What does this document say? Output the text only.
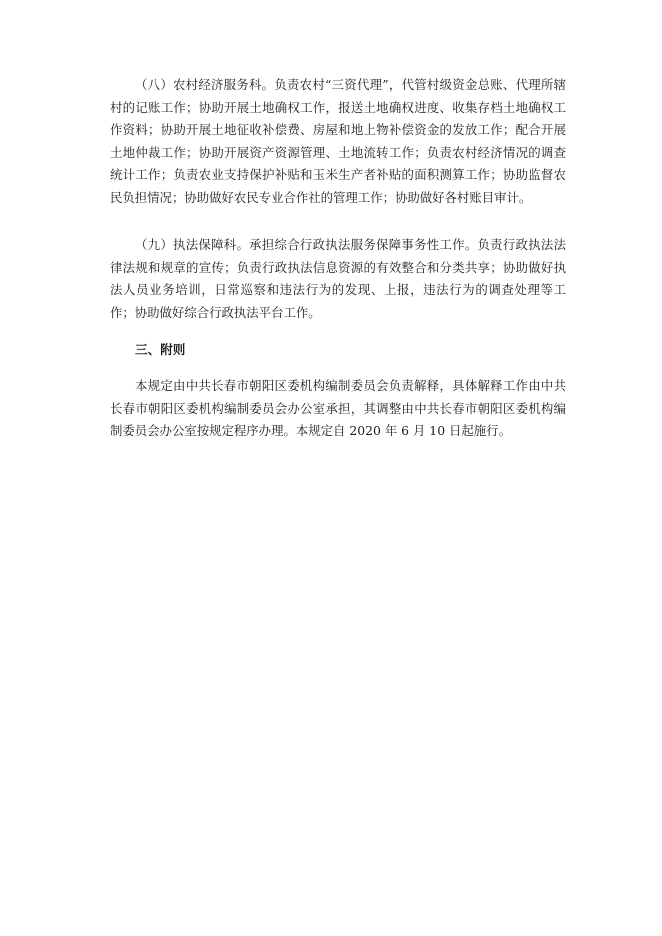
（八）农村经济服务科。负责农村“三资代理”，代管村级资金总账、代理所辖村的记账工作；协助开展土地确权工作，报送土地确权进度、收集存档土地确权工作资料；协助开展土地征收补偿费、房屋和地上物补偿资金的发放工作；配合开展土地仲裁工作；协助开展资产资源管理、土地流转工作；负责农村经济情况的调查统计工作；负责农业支持保护补贴和玉米生产者补贴的面积测算工作；协助监督农民负担情况；协助做好农民专业合作社的管理工作；协助做好各村账目审计。

（九）执法保障科。承担综合行政执法服务保障事务性工作。负责行政执法法律法规和规章的宣传；负责行政执法信息资源的有效整合和分类共享；协助做好执法人员业务培训，日常巡察和违法行为的发现、上报，违法行为的调查处理等工作；协助做好综合行政执法平台工作。

三、附则

本规定由中共长春市朝阳区委机构编制委员会负责解释，具体解释工作由中共长春市朝阳区委机构编制委员会办公室承担，其调整由中共长春市朝阳区委机构编制委员会办公室按规定程序办理。本规定自 2020 年 6 月 10 日起施行。
